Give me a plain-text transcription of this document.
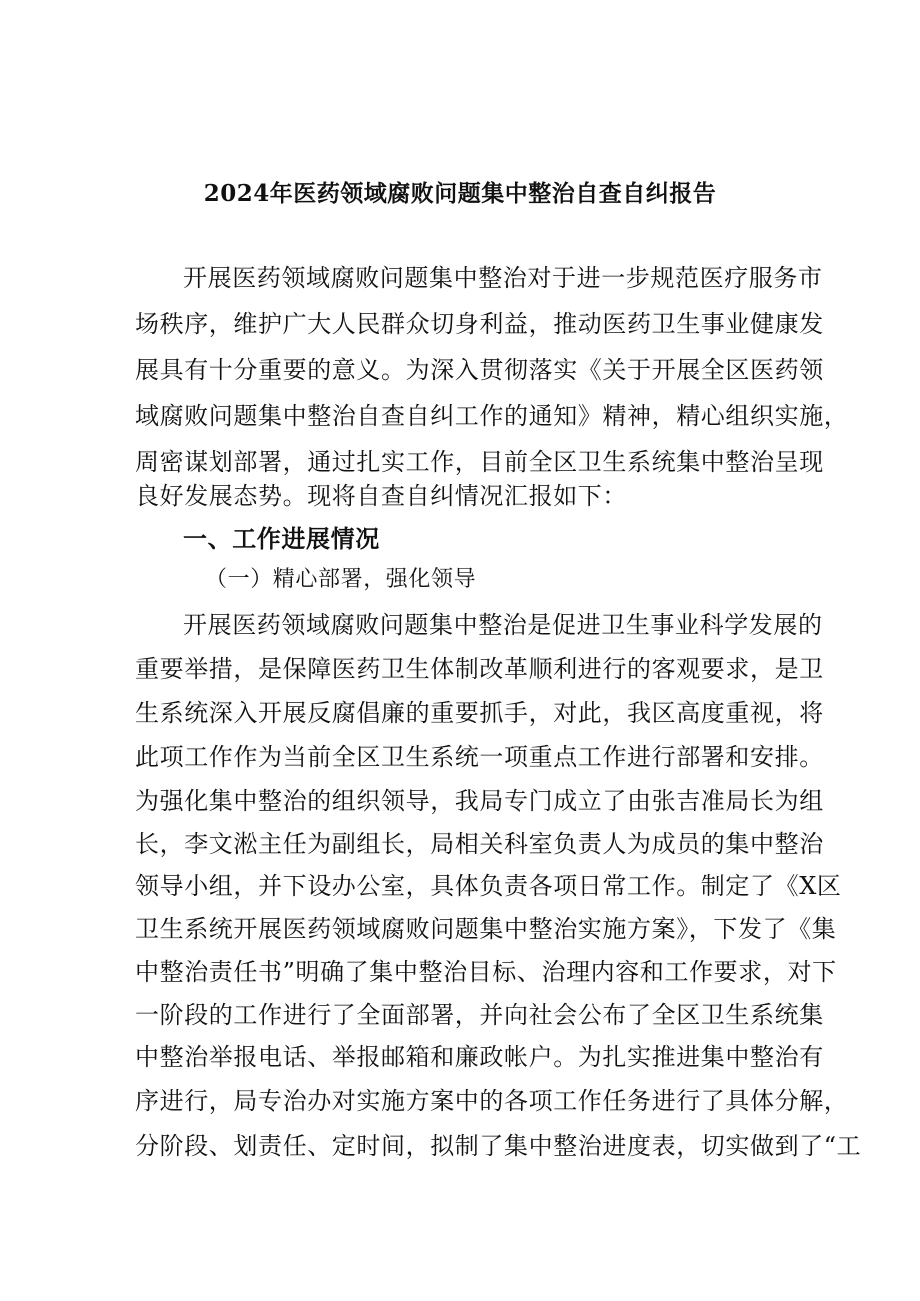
2024年医药领域腐败问题集中整治自查自纠报告
开展医药领域腐败问题集中整治对于进一步规范医疗服务市
场秩序，维护广大人民群众切身利益，推动医药卫生事业健康发
展具有十分重要的意义。为深入贯彻落实《关于开展全区医药领
域腐败问题集中整治自查自纠工作的通知》精神，精心组织实施，
周密谋划部署，通过扎实工作，目前全区卫生系统集中整治呈现
良好发展态势。现将自查自纠情况汇报如下：
一、工作进展情况
（一）精心部署，强化领导
开展医药领域腐败问题集中整治是促进卫生事业科学发展的
重要举措，是保障医药卫生体制改革顺利进行的客观要求，是卫
生系统深入开展反腐倡廉的重要抓手，对此，我区高度重视，将
此项工作作为当前全区卫生系统一项重点工作进行部署和安排。
为强化集中整治的组织领导，我局专门成立了由张吉准局长为组
长，李文淞主任为副组长，局相关科室负责人为成员的集中整治
领导小组，并下设办公室，具体负责各项日常工作。制定了《X区
卫生系统开展医药领域腐败问题集中整治实施方案》，下发了《集
中整治责任书”明确了集中整治目标、治理内容和工作要求，对下
一阶段的工作进行了全面部署，并向社会公布了全区卫生系统集
中整治举报电话、举报邮箱和廉政帐户。为扎实推进集中整治有
序进行，局专治办对实施方案中的各项工作任务进行了具体分解，
分阶段、划责任、定时间，拟制了集中整治进度表，切实做到了“工
